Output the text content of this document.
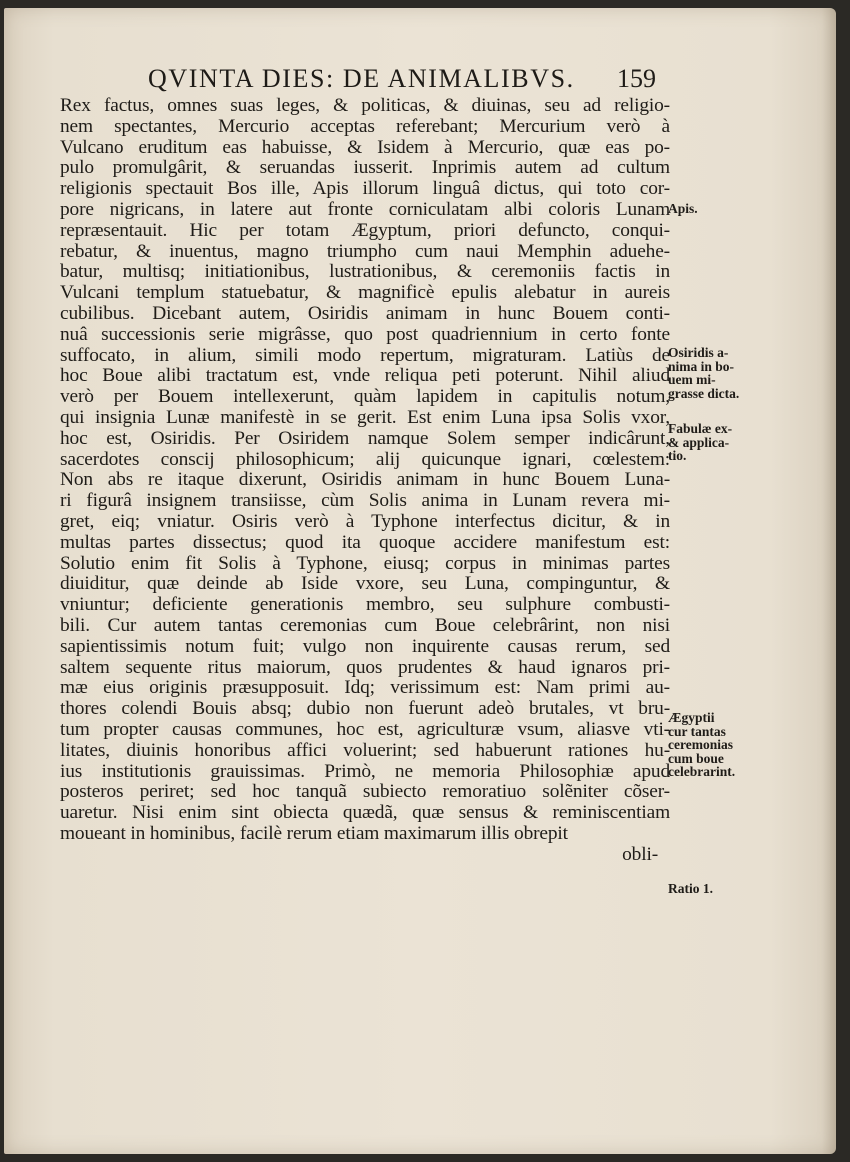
QVINTA DIES: DE ANIMALIBVS. 159
Rex factus, omnes suas leges, & politicas, & diuinas, seu ad religio-
nem spectantes, Mercurio acceptas referebant; Mercurium verò à
Vulcano eruditum eas habuisse, & Isidem à Mercurio, quæ eas po-
pulo promulgârit, & seruandas iusserit. Inprimis autem ad cultum
religionis spectauit Bos ille, Apis illorum linguâ dictus, qui toto cor-
pore nigricans, in latere aut fronte corniculatam albi coloris Lunam
repræsentauit. Hic per totam Ægyptum, priori defuncto, conqui-
rebatur, & inuentus, magno triumpho cum naui Memphin aduehe-
batur, multisq; initiationibus, lustrationibus, & ceremoniis factis in
Vulcani templum statuebatur, & magnificè epulis alebatur in aureis
cubilibus. Dicebant autem, Osiridis animam in hunc Bouem conti-
nuâ successionis serie migrâsse, quo post quadriennium in certo fonte
suffocato, in alium, simili modo repertum, migraturam. Latiùs de
hoc Boue alibi tractatum est, vnde reliqua peti poterunt. Nihil aliud
verò per Bouem intellexerunt, quàm lapidem in capitulis notum,
qui insignia Lunæ manifestè in se gerit. Est enim Luna ipsa Solis vxor,
hoc est, Osiridis. Per Osiridem namque Solem semper indicârunt,
sacerdotes conscij philosophicum; alij quicunque ignari, cœlestem:
Non abs re itaque dixerunt, Osiridis animam in hunc Bouem Luna-
ri figurâ insignem transiisse, cùm Solis anima in Lunam revera mi-
gret, eiq; vniatur. Osiris verò à Typhone interfectus dicitur, & in
multas partes dissectus; quod ita quoque accidere manifestum est:
Solutio enim fit Solis à Typhone, eiusq; corpus in minimas partes
diuiditur, quæ deinde ab Iside vxore, seu Luna, compinguntur, &
vniuntur; deficiente generationis membro, seu sulphure combusti-
bili. Cur autem tantas ceremonias cum Boue celebrârint, non nisi
sapientissimis notum fuit; vulgo non inquirente causas rerum, sed
saltem sequente ritus maiorum, quos prudentes & haud ignaros pri-
mæ eius originis præsupposuit. Idq; verissimum est: Nam primi au-
thores colendi Bouis absq; dubio non fuerunt adeò brutales, vt bru-
tum propter causas communes, hoc est, agriculturæ vsum, aliasve vti-
litates, diuinis honoribus affici voluerint; sed habuerunt rationes hu-
ius institutionis grauissimas. Primò, ne memoria Philosophiæ apud
posteros periret; sed hoc tanquã subiecto remoratiuo solẽniter cõser-
uaretur. Nisi enim sint obiecta quædã, quæ sensus & reminiscentiam
moueant in hominibus, facilè rerum etiam maximarum illis obrepit
obli-
Apis.
Osiridis a-
nima in bo-
uem mi-
grasse dicta.
Fabulæ ex-
& applica-
tio.
Ægyptii
cur tantas
ceremonias
cum boue
celebrarint.
Ratio 1.
